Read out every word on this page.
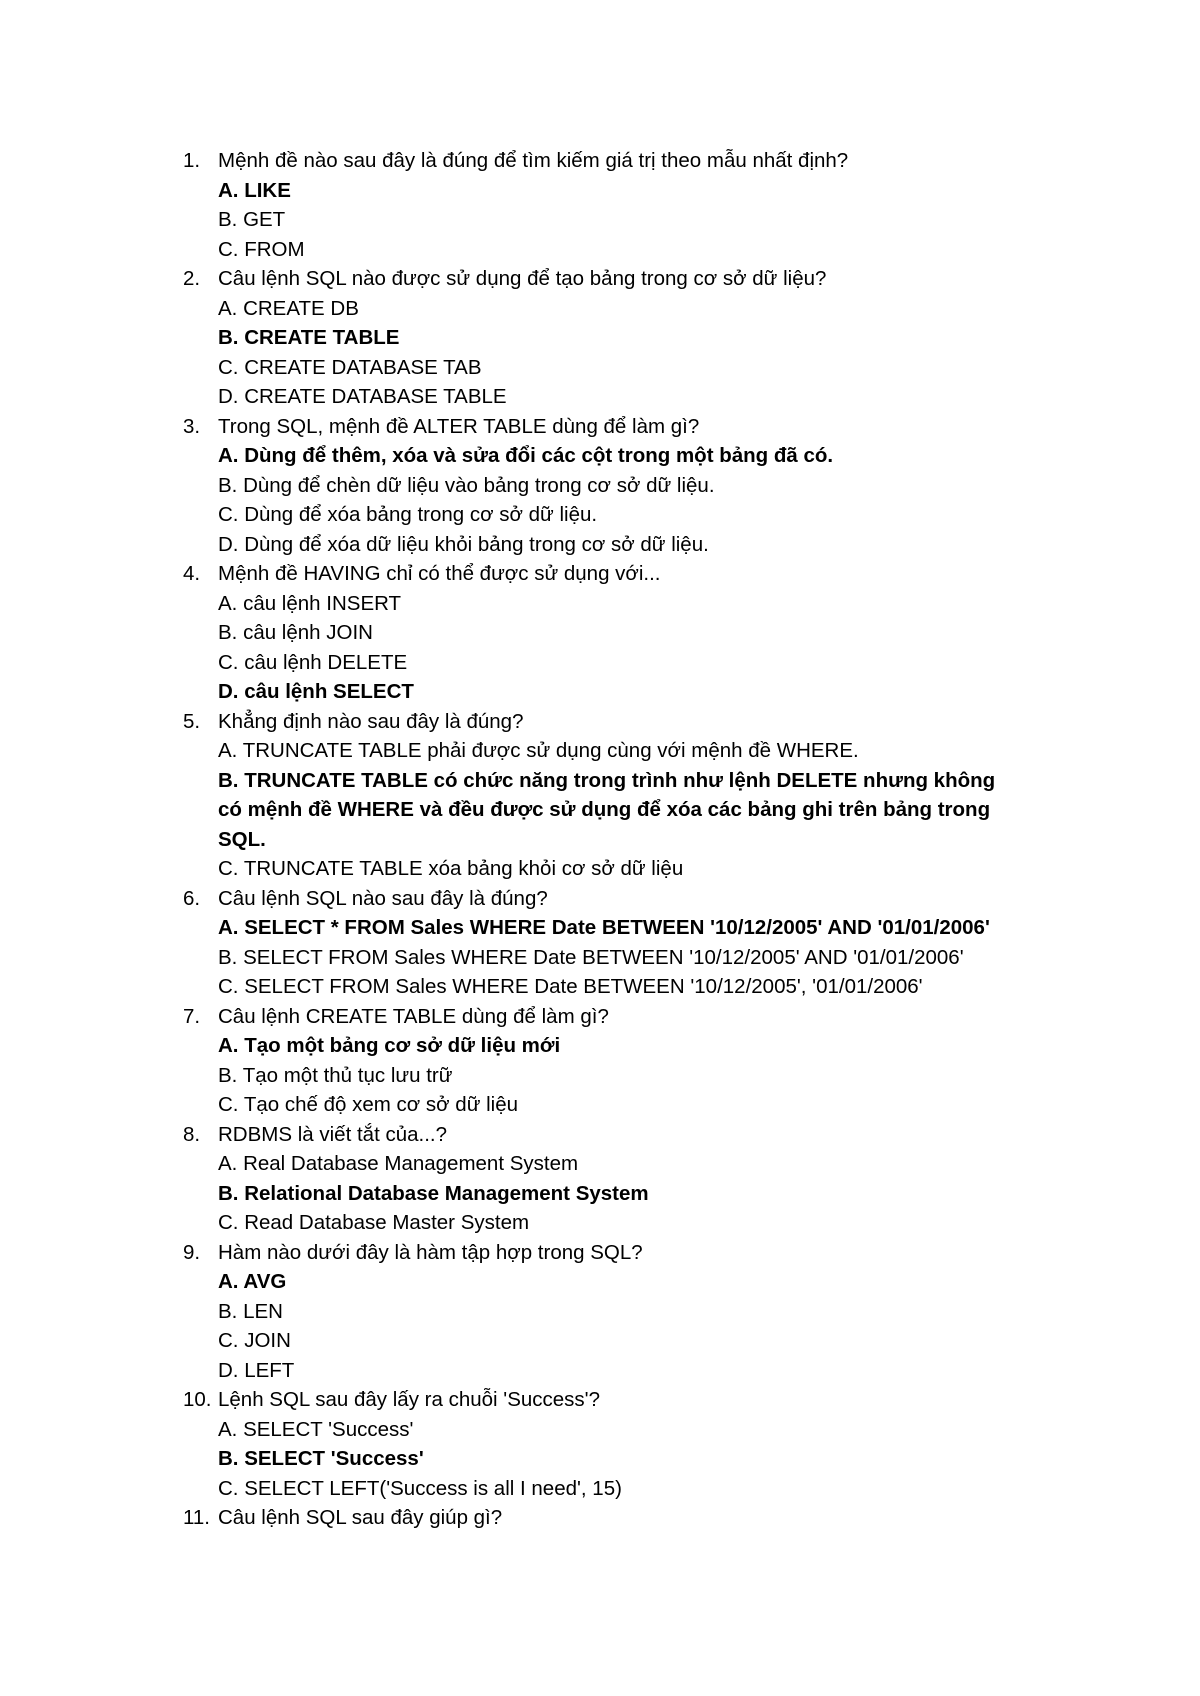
1. Mệnh đề nào sau đây là đúng để tìm kiếm giá trị theo mẫu nhất định?
A. LIKE
B. GET
C. FROM
2. Câu lệnh SQL nào được sử dụng để tạo bảng trong cơ sở dữ liệu?
A. CREATE DB
B. CREATE TABLE
C. CREATE DATABASE TAB
D. CREATE DATABASE TABLE
3. Trong SQL, mệnh đề ALTER TABLE dùng để làm gì?
A. Dùng để thêm, xóa và sửa đổi các cột trong một bảng đã có.
B. Dùng để chèn dữ liệu vào bảng trong cơ sở dữ liệu.
C. Dùng để xóa bảng trong cơ sở dữ liệu.
D. Dùng để xóa dữ liệu khỏi bảng trong cơ sở dữ liệu.
4. Mệnh đề HAVING chỉ có thể được sử dụng với...
A. câu lệnh INSERT
B. câu lệnh JOIN
C. câu lệnh DELETE
D. câu lệnh SELECT
5. Khẳng định nào sau đây là đúng?
A. TRUNCATE TABLE phải được sử dụng cùng với mệnh đề WHERE.
B. TRUNCATE TABLE có chức năng trong trình như lệnh DELETE nhưng không có mệnh đề WHERE và đều được sử dụng để xóa các bảng ghi trên bảng trong SQL.
C. TRUNCATE TABLE xóa bảng khỏi cơ sở dữ liệu
6. Câu lệnh SQL nào sau đây là đúng?
A. SELECT * FROM Sales WHERE Date BETWEEN '10/12/2005' AND '01/01/2006'
B. SELECT FROM Sales WHERE Date BETWEEN '10/12/2005' AND '01/01/2006'
C. SELECT FROM Sales WHERE Date BETWEEN '10/12/2005', '01/01/2006'
7. Câu lệnh CREATE TABLE dùng để làm gì?
A. Tạo một bảng cơ sở dữ liệu mới
B. Tạo một thủ tục lưu trữ
C. Tạo chế độ xem cơ sở dữ liệu
8. RDBMS là viết tắt của...?
A. Real Database Management System
B. Relational Database Management System
C. Read Database Master System
9. Hàm nào dưới đây là hàm tập hợp trong SQL?
A. AVG
B. LEN
C. JOIN
D. LEFT
10. Lệnh SQL sau đây lấy ra chuỗi 'Success'?
A. SELECT 'Success'
B. SELECT 'Success'
C. SELECT LEFT('Success is all I need', 15)
11. Câu lệnh SQL sau đây giúp gì?
